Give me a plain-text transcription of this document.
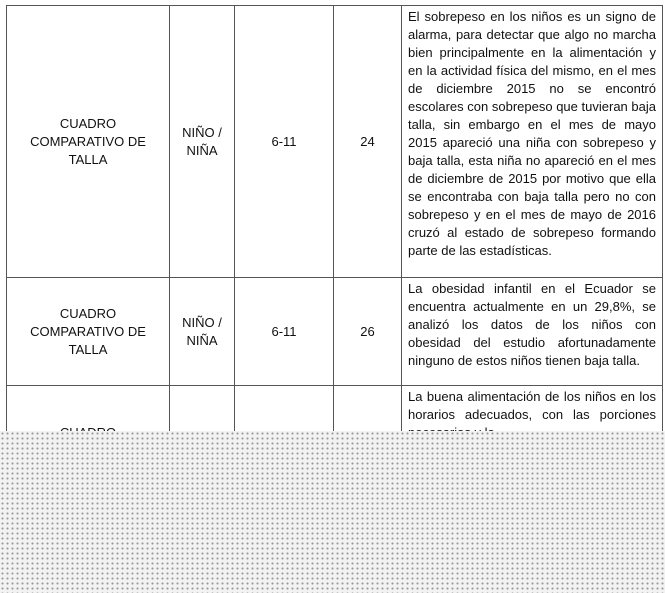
CUADRO COMPARATIVO DE TALLA	NIÑO / NIÑA	6-11	24	El sobrepeso en los niños es un signo de alarma, para detectar que algo no marcha bien principalmente en la alimentación y en la actividad física del mismo, en el mes de diciembre 2015 no se encontró escolares con sobrepeso que tuvieran baja talla, sin embargo en el mes de mayo 2015 apareció una niña con sobrepeso y baja talla, esta niña no apareció en el mes de diciembre de 2015 por motivo que ella se encontraba con baja talla pero no con sobrepeso y en el mes de mayo de 2016 cruzó al estado de sobrepeso formando parte de las estadísticas.

CUADRO COMPARATIVO DE TALLA	NIÑO / NIÑA	6-11	26	La obesidad infantil en el Ecuador se encuentra actualmente en un 29,8%, se analizó los datos de los niños con obesidad del estudio afortunadamente ninguno de estos niños tienen baja talla.

La buena alimentación de los niños en los horarios adecuados, con las porciones
